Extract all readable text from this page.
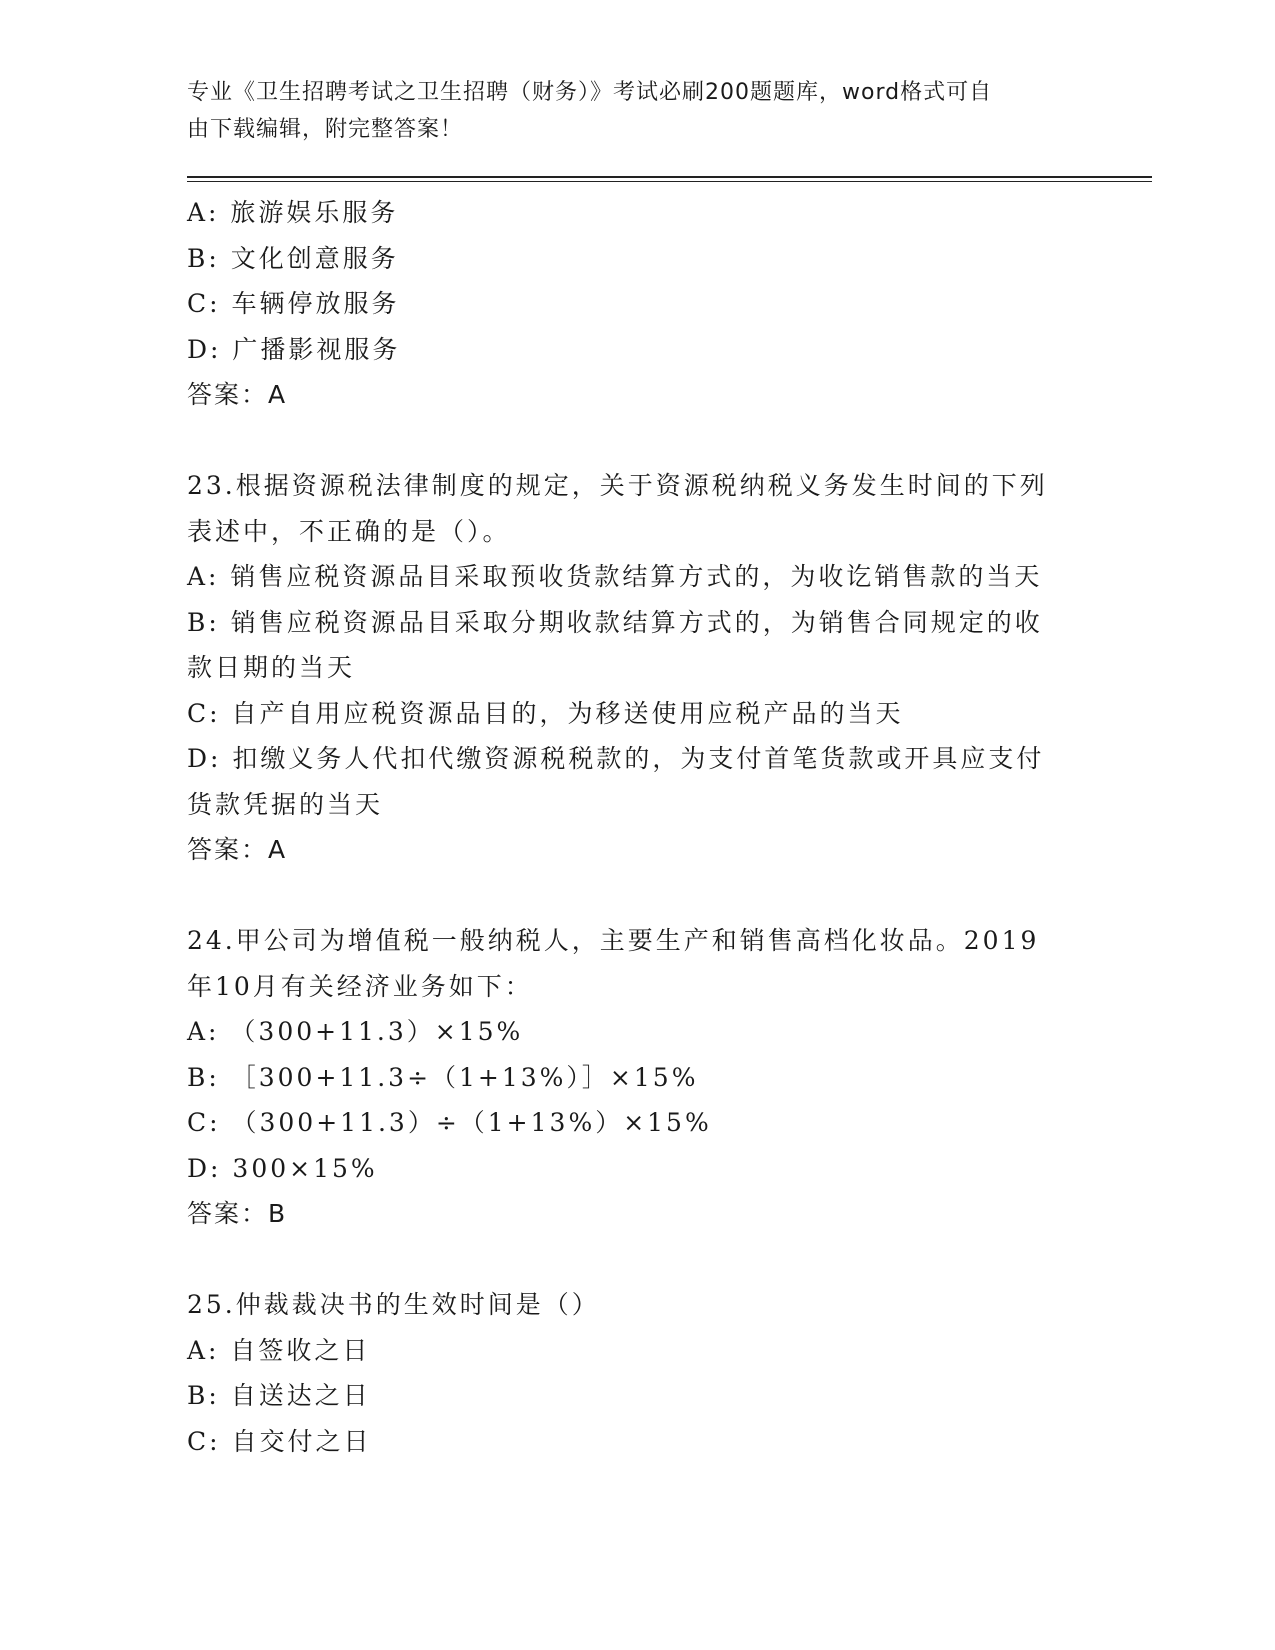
专业《卫生招聘考试之卫生招聘（财务）》考试必刷200题题库，word格式可自
由下载编辑，附完整答案！

A: 旅游娱乐服务

B: 文化创意服务

C: 车辆停放服务

D: 广播影视服务

答案：A

23.根据资源税法律制度的规定，关于资源税纳税义务发生时间的下列

表述中，不正确的是（）。

A: 销售应税资源品目采取预收货款结算方式的，为收讫销售款的当天

B: 销售应税资源品目采取分期收款结算方式的，为销售合同规定的收

款日期的当天

C: 自产自用应税资源品目的，为移送使用应税产品的当天

D: 扣缴义务人代扣代缴资源税税款的，为支付首笔货款或开具应支付

货款凭据的当天

答案：A

24.甲公司为增值税一般纳税人，主要生产和销售高档化妆品。2019

年10月有关经济业务如下：

A: （300+11.3）×15%

B: ［300+11.3÷（1+13%）］×15%

C: （300+11.3）÷（1+13%）×15%

D: 300×15%

答案：B

25.仲裁裁决书的生效时间是（）

A: 自签收之日

B: 自送达之日

C: 自交付之日
